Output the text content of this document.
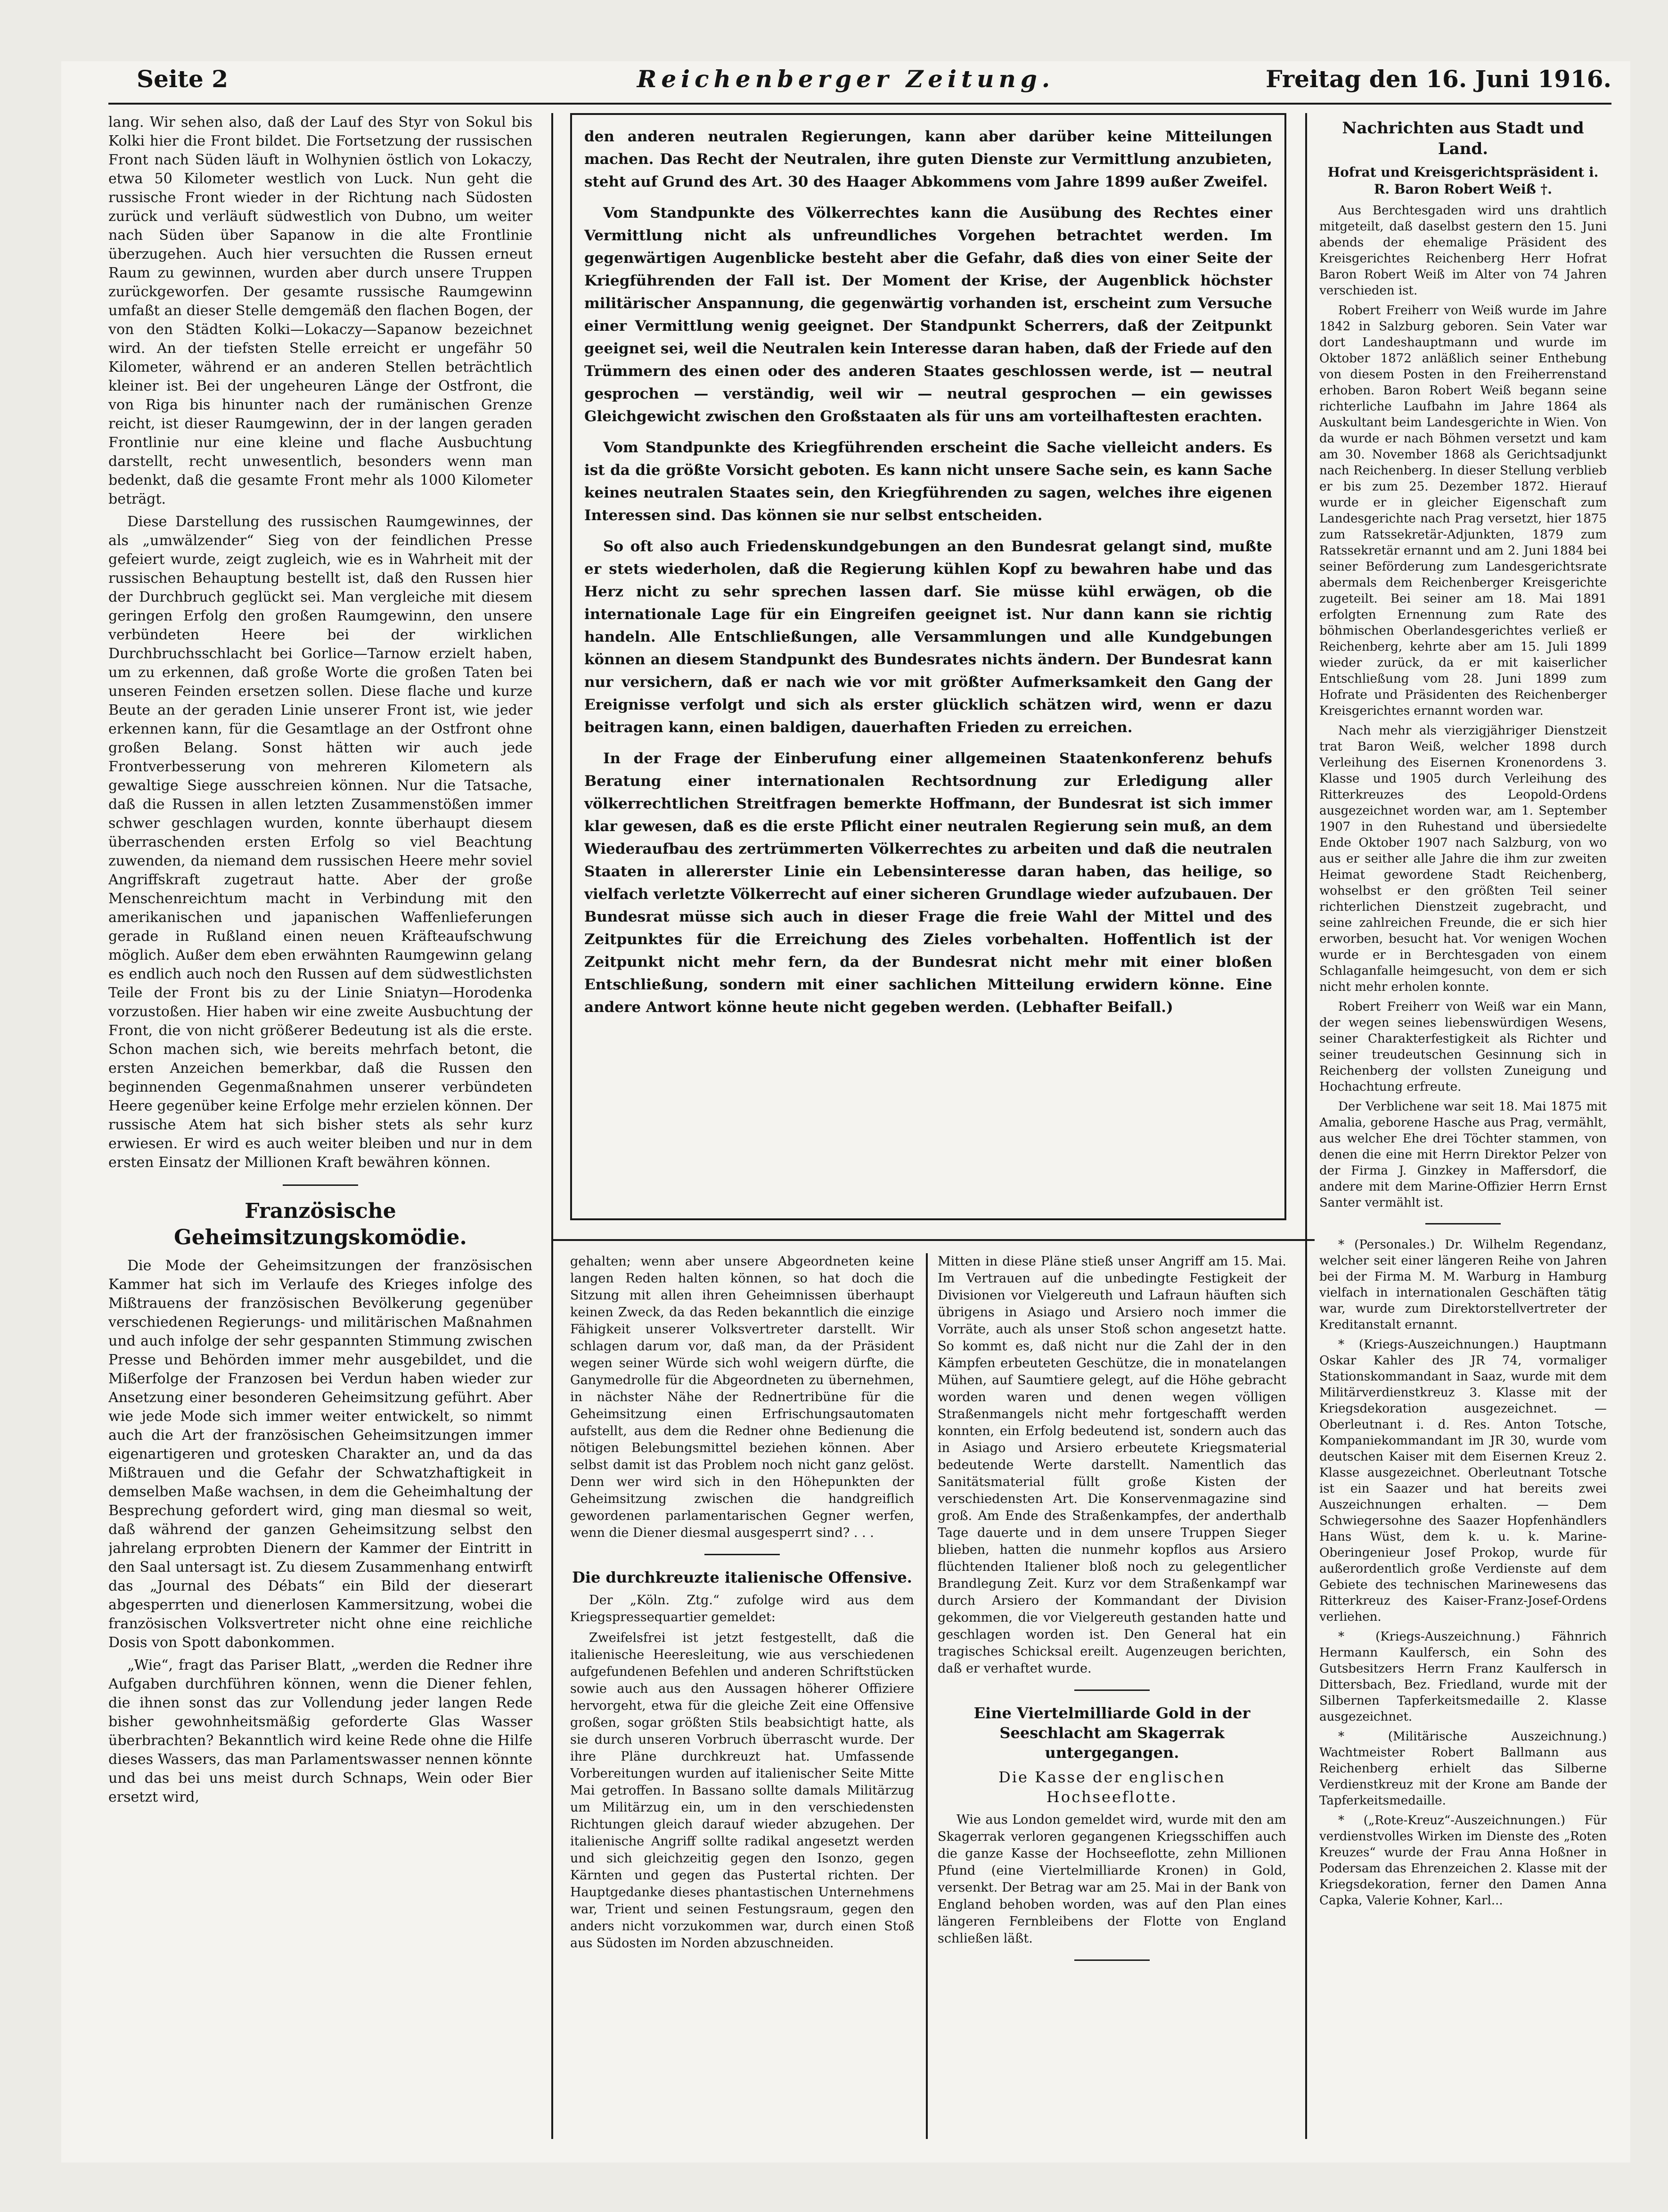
Seite 2	Reichenberger Zeitung.	Freitag den 16. Juni 1916.

lang. Wir sehen also, daß der Lauf des Styr von Sokul bis Kolki hier die Front bildet. Die Fortsetzung der russischen Front nach Süden läuft in Wolhynien östlich von Lokaczy, etwa 50 Kilometer westlich von Luck. Nun geht die russische Front wieder in der Richtung nach Südosten zurück und verläuft südwestlich von Dubno, um weiter nach Süden über Sapanow in die alte Frontlinie überzugehen. Auch hier versuchten die Russen erneut Raum zu gewinnen, wurden aber durch unsere Truppen zurückgeworfen. Der gesamte russische Raumgewinn umfaßt an dieser Stelle demgemäß den flachen Bogen, der von den Städten Kolki—Lokaczy—Sapanow bezeichnet wird. An der tiefsten Stelle erreicht er ungefähr 50 Kilometer, während er an anderen Stellen beträchtlich kleiner ist. Bei der ungeheuren Länge der Ostfront, die von Riga bis hinunter nach der rumänischen Grenze reicht, ist dieser Raumgewinn, der in der langen geraden Frontlinie nur eine kleine und flache Ausbuchtung darstellt, recht unwesentlich, besonders wenn man bedenkt, daß die gesamte Front mehr als 1000 Kilometer beträgt.

Diese Darstellung des russischen Raumgewinnes, der als „umwälzender“ Sieg von der feindlichen Presse gefeiert wurde, zeigt zugleich, wie es in Wahrheit mit der russischen Behauptung bestellt ist, daß den Russen hier der Durchbruch geglückt sei. Man vergleiche mit diesem geringen Erfolg den großen Raumgewinn, den unsere verbündeten Heere bei der wirklichen Durchbruchsschlacht bei Gorlice—Tarnow erzielt haben, um zu erkennen, daß große Worte die großen Taten bei unseren Feinden ersetzen sollen. Diese flache und kurze Beute an der geraden Linie unserer Front ist, wie jeder erkennen kann, für die Gesamtlage an der Ostfront ohne großen Belang. Sonst hätten wir auch jede Frontverbesserung von mehreren Kilometern als gewaltige Siege ausschreien können. Nur die Tatsache, daß die Russen in allen letzten Zusammenstößen immer schwer geschlagen wurden, konnte überhaupt diesem überraschenden ersten Erfolg so viel Beachtung zuwenden, da niemand dem russischen Heere mehr soviel Angriffskraft zugetraut hatte. Aber der große Menschenreichtum macht in Verbindung mit den amerikanischen und japanischen Waffenlieferungen gerade in Rußland einen neuen Kräfteaufschwung möglich. Außer dem eben erwähnten Raumgewinn gelang es endlich auch noch den Russen auf dem südwestlichsten Teile der Front bis zu der Linie Sniatyn—Horodenka vorzustoßen. Hier haben wir eine zweite Ausbuchtung der Front, die von nicht größerer Bedeutung ist als die erste. Schon machen sich, wie bereits mehrfach betont, die ersten Anzeichen bemerkbar, daß die Russen den beginnenden Gegenmaßnahmen unserer verbündeten Heere gegenüber keine Erfolge mehr erzielen können. Der russische Atem hat sich bisher stets als sehr kurz erwiesen. Er wird es auch weiter bleiben und nur in dem ersten Einsatz der Millionen Kraft bewähren können.

Französische Geheimsitzungskomödie.

Die Mode der Geheimsitzungen der französischen Kammer hat sich im Verlaufe des Krieges infolge des Mißtrauens der französischen Bevölkerung gegenüber verschiedenen Regierungs- und militärischen Maßnahmen und auch infolge der sehr gespannten Stimmung zwischen Presse und Behörden immer mehr ausgebildet, und die Mißerfolge der Franzosen bei Verdun haben wieder zur Ansetzung einer besonderen Geheimsitzung geführt. Aber wie jede Mode sich immer weiter entwickelt, so nimmt auch die Art der französischen Geheimsitzungen immer eigenartigeren und grotesken Charakter an, und da das Mißtrauen und die Gefahr der Schwatzhaftigkeit in demselben Maße wachsen, in dem die Geheimhaltung der Besprechung gefordert wird, ging man diesmal so weit, daß während der ganzen Geheimsitzung selbst den jahrelang erprobten Dienern der Kammer der Eintritt in den Saal untersagt ist. Zu diesem Zusammenhang entwirft das „Journal des Débats“ ein Bild der dieserart abgesperrten und dienerlosen Kammersitzung, wobei die französischen Volksvertreter nicht ohne eine reichliche Dosis von Spott dabonkommen.

„Wie“, fragt das Pariser Blatt, „werden die Redner ihre Aufgaben durchführen können, wenn die Diener fehlen, die ihnen sonst das zur Vollendung jeder langen Rede bisher gewohnheitsmäßig geforderte Glas Wasser überbrachten? Bekanntlich wird keine Rede ohne die Hilfe dieses Wassers, das man Parlamentswasser nennen könnte und das bei uns meist durch Schnaps, Wein oder Bier ersetzt wird,

den anderen neutralen Regierungen, kann aber darüber keine Mitteilungen machen. Das Recht der Neutralen, ihre guten Dienste zur Vermittlung anzubieten, steht auf Grund des Art. 30 des Haager Abkommens vom Jahre 1899 außer Zweifel.

Vom Standpunkte des Völkerrechtes kann die Ausübung des Rechtes einer Vermittlung nicht als unfreundliches Vorgehen betrachtet werden. Im gegenwärtigen Augenblicke besteht aber die Gefahr, daß dies von einer Seite der Kriegführenden der Fall ist. Der Moment der Krise, der Augenblick höchster militärischer Anspannung, die gegenwärtig vorhanden ist, erscheint zum Versuche einer Vermittlung wenig geeignet. Der Standpunkt Scherrers, daß der Zeitpunkt geeignet sei, weil die Neutralen kein Interesse daran haben, daß der Friede auf den Trümmern des einen oder des anderen Staates geschlossen werde, ist — neutral gesprochen — verständig, weil wir — neutral gesprochen — ein gewisses Gleichgewicht zwischen den Großstaaten als für uns am vorteilhaftesten erachten.

Vom Standpunkte des Kriegführenden erscheint die Sache vielleicht anders. Es ist da die größte Vorsicht geboten. Es kann nicht unsere Sache sein, es kann Sache keines neutralen Staates sein, den Kriegführenden zu sagen, welches ihre eigenen Interessen sind. Das können sie nur selbst entscheiden.

So oft also auch Friedenskundgebungen an den Bundesrat gelangt sind, mußte er stets wiederholen, daß die Regierung kühlen Kopf zu bewahren habe und das Herz nicht zu sehr sprechen lassen darf. Sie müsse kühl erwägen, ob die internationale Lage für ein Eingreifen geeignet ist. Nur dann kann sie richtig handeln. Alle Entschließungen, alle Versammlungen und alle Kundgebungen können an diesem Standpunkt des Bundesrates nichts ändern. Der Bundesrat kann nur versichern, daß er nach wie vor mit größter Aufmerksamkeit den Gang der Ereignisse verfolgt und sich als erster glücklich schätzen wird, wenn er dazu beitragen kann, einen baldigen, dauerhaften Frieden zu erreichen.

In der Frage der Einberufung einer allgemeinen Staatenkonferenz behufs Beratung einer internationalen Rechtsordnung zur Erledigung aller völkerrechtlichen Streitfragen bemerkte Hoffmann, der Bundesrat ist sich immer klar gewesen, daß es die erste Pflicht einer neutralen Regierung sein muß, an dem Wiederaufbau des zertrümmerten Völkerrechtes zu arbeiten und daß die neutralen Staaten in allererster Linie ein Lebensinteresse daran haben, das heilige, so vielfach verletzte Völkerrecht auf einer sicheren Grundlage wieder aufzubauen. Der Bundesrat müsse sich auch in dieser Frage die freie Wahl der Mittel und des Zeitpunktes für die Erreichung des Zieles vorbehalten. Hoffentlich ist der Zeitpunkt nicht mehr fern, da der Bundesrat nicht mehr mit einer bloßen Entschließung, sondern mit einer sachlichen Mitteilung erwidern könne. Eine andere Antwort könne heute nicht gegeben werden. (Lebhafter Beifall.)

gehalten; wenn aber unsere Abgeordneten keine langen Reden halten können, so hat doch die Sitzung mit allen ihren Geheimnissen überhaupt keinen Zweck, da das Reden bekanntlich die einzige Fähigkeit unserer Volksvertreter darstellt. Wir schlagen darum vor, daß man, da der Präsident wegen seiner Würde sich wohl weigern dürfte, die Ganymedrolle für die Abgeordneten zu übernehmen, in nächster Nähe der Rednertribüne für die Geheimsitzung einen Erfrischungsautomaten aufstellt, aus dem die Redner ohne Bedienung die nötigen Belebungsmittel beziehen können. Aber selbst damit ist das Problem noch nicht ganz gelöst. Denn wer wird sich in den Höhepunkten der Geheimsitzung zwischen die handgreiflich gewordenen parlamentarischen Gegner werfen, wenn die Diener diesmal ausgesperrt sind? . . .

Die durchkreuzte italienische Offensive.

Der „Köln. Ztg.“ zufolge wird aus dem Kriegspressequartier gemeldet:

Zweifelsfrei ist jetzt festgestellt, daß die italienische Heeresleitung, wie aus verschiedenen aufgefundenen Befehlen und anderen Schriftstücken sowie auch aus den Aussagen höherer Offiziere hervorgeht, etwa für die gleiche Zeit eine Offensive großen, sogar größten Stils beabsichtigt hatte, als sie durch unseren Vorbruch überrascht wurde. Der ihre Pläne durchkreuzt hat. Umfassende Vorbereitungen wurden auf italienischer Seite Mitte Mai getroffen. In Bassano sollte damals Militärzug um Militärzug ein, um in den verschiedensten Richtungen gleich darauf wieder abzugehen. Der italienische Angriff sollte radikal angesetzt werden und sich gleichzeitig gegen den Isonzo, gegen Kärnten und gegen das Pustertal richten. Der Hauptgedanke dieses phantastischen Unternehmens war, Trient und seinen Festungsraum, gegen den anders nicht vorzukommen war, durch einen Stoß aus Südosten im Norden abzuschneiden.

Mitten in diese Pläne stieß unser Angriff am 15. Mai. Im Vertrauen auf die unbedingte Festigkeit der Divisionen vor Vielgereuth und Lafraun häuften sich übrigens in Asiago und Arsiero noch immer die Vorräte, auch als unser Stoß schon angesetzt hatte. So kommt es, daß nicht nur die Zahl der in den Kämpfen erbeuteten Geschütze, die in monatelangen Mühen, auf Saumtiere gelegt, auf die Höhe gebracht worden waren und denen wegen völligen Straßenmangels nicht mehr fortgeschafft werden konnten, ein Erfolg bedeutend ist, sondern auch das in Asiago und Arsiero erbeutete Kriegsmaterial bedeutende Werte darstellt. Namentlich das Sanitätsmaterial füllt große Kisten der verschiedensten Art. Die Konservenmagazine sind groß. Am Ende des Straßenkampfes, der anderthalb Tage dauerte und in dem unsere Truppen Sieger blieben, hatten die nunmehr kopflos aus Arsiero flüchtenden Italiener bloß noch zu gelegentlicher Brandlegung Zeit. Kurz vor dem Straßenkampf war durch Arsiero der Kommandant der Division gekommen, die vor Vielgereuth gestanden hatte und geschlagen worden ist. Den General hat ein tragisches Schicksal ereilt. Augenzeugen berichten, daß er verhaftet wurde.

Eine Viertelmilliarde Gold in der Seeschlacht am Skagerrak untergegangen.
Die Kasse der englischen Hochseeflotte.

Wie aus London gemeldet wird, wurde mit den am Skagerrak verloren gegangenen Kriegsschiffen auch die ganze Kasse der Hochseeflotte, zehn Millionen Pfund (eine Viertelmilliarde Kronen) in Gold, versenkt. Der Betrag war am 25. Mai in der Bank von England behoben worden, was auf den Plan eines längeren Fernbleibens der Flotte von England schließen läßt.

Nachrichten aus Stadt und Land.
Hofrat und Kreisgerichtspräsident i. R. Baron Robert Weiß †.

Aus Berchtesgaden wird uns drahtlich mitgeteilt, daß daselbst gestern den 15. Juni abends der ehemalige Präsident des Kreisgerichtes Reichenberg Herr Hofrat Baron Robert Weiß im Alter von 74 Jahren verschieden ist.

Robert Freiherr von Weiß wurde im Jahre 1842 in Salzburg geboren. Sein Vater war dort Landeshauptmann und wurde im Oktober 1872 anläßlich seiner Enthebung von diesem Posten in den Freiherrenstand erhoben. Baron Robert Weiß begann seine richterliche Laufbahn im Jahre 1864 als Auskultant beim Landesgerichte in Wien. Von da wurde er nach Böhmen versetzt und kam am 30. November 1868 als Gerichtsadjunkt nach Reichenberg. In dieser Stellung verblieb er bis zum 25. Dezember 1872. Hierauf wurde er in gleicher Eigenschaft zum Landesgerichte nach Prag versetzt, hier 1875 zum Ratssekretär-Adjunkten, 1879 zum Ratssekretär ernannt und am 2. Juni 1884 bei seiner Beförderung zum Landesgerichtsrate abermals dem Reichenberger Kreisgerichte zugeteilt. Bei seiner am 18. Mai 1891 erfolgten Ernennung zum Rate des böhmischen Oberlandesgerichtes verließ er Reichenberg, kehrte aber am 15. Juli 1899 wieder zurück, da er mit kaiserlicher Entschließung vom 28. Juni 1899 zum Hofrate und Präsidenten des Reichenberger Kreisgerichtes ernannt worden war.

Nach mehr als vierzigjähriger Dienstzeit trat Baron Weiß, welcher 1898 durch Verleihung des Eisernen Kronenordens 3. Klasse und 1905 durch Verleihung des Ritterkreuzes des Leopold-Ordens ausgezeichnet worden war, am 1. September 1907 in den Ruhestand und übersiedelte Ende Oktober 1907 nach Salzburg, von wo aus er seither alle Jahre die ihm zur zweiten Heimat gewordene Stadt Reichenberg, wohselbst er den größten Teil seiner richterlichen Dienstzeit zugebracht, und seine zahlreichen Freunde, die er sich hier erworben, besucht hat. Vor wenigen Wochen wurde er in Berchtesgaden von einem Schlaganfalle heimgesucht, von dem er sich nicht mehr erholen konnte.

Robert Freiherr von Weiß war ein Mann, der wegen seines liebenswürdigen Wesens, seiner Charakterfestigkeit als Richter und seiner treudeutschen Gesinnung sich in Reichenberg der vollsten Zuneigung und Hochachtung erfreute.

Der Verblichene war seit 18. Mai 1875 mit Amalia, geborene Hasche aus Prag, vermählt, aus welcher Ehe drei Töchter stammen, von denen die eine mit Herrn Direktor Pelzer von der Firma J. Ginzkey in Maffersdorf, die andere mit dem Marine-Offizier Herrn Ernst Santer vermählt ist.

* (Personales.) Dr. Wilhelm Regendanz, welcher seit einer längeren Reihe von Jahren bei der Firma M. M. Warburg in Hamburg vielfach in internationalen Geschäften tätig war, wurde zum Direktorstellvertreter der Kreditanstalt ernannt.

* (Kriegs-Auszeichnungen.) Hauptmann Oskar Kahler des JR 74, vormaliger Stationskommandant in Saaz, wurde mit dem Militärverdienstkreuz 3. Klasse mit der Kriegsdekoration ausgezeichnet. — Oberleutnant i. d. Res. Anton Totsche, Kompaniekommandant im JR 30, wurde vom deutschen Kaiser mit dem Eisernen Kreuz 2. Klasse ausgezeichnet. Oberleutnant Totsche ist ein Saazer und hat bereits zwei Auszeichnungen erhalten. — Dem Schwiegersohne des Saazer Hopfenhändlers Hans Wüst, dem k. u. k. Marine-Oberingenieur Josef Prokop, wurde für außerordentlich große Verdienste auf dem Gebiete des technischen Marinewesens das Ritterkreuz des Kaiser-Franz-Josef-Ordens verliehen.

* (Kriegs-Auszeichnung.) Fähnrich Hermann Kaulfersch, ein Sohn des Gutsbesitzers Herrn Franz Kaulfersch in Dittersbach, Bez. Friedland, wurde mit der Silbernen Tapferkeitsmedaille 2. Klasse ausgezeichnet.

* (Militärische Auszeichnung.) Wachtmeister Robert Ballmann aus Reichenberg erhielt das Silberne Verdienstkreuz mit der Krone am Bande der Tapferkeitsmedaille.

* („Rote-Kreuz“-Auszeichnungen.) Für verdienstvolles Wirken im Dienste des „Roten Kreuzes“ wurde der Frau Anna Hoßner in Podersam das Ehrenzeichen 2. Klasse mit der Kriegsdekoration, ferner den Damen Anna Capka, Valerie Kohner, Karl...
